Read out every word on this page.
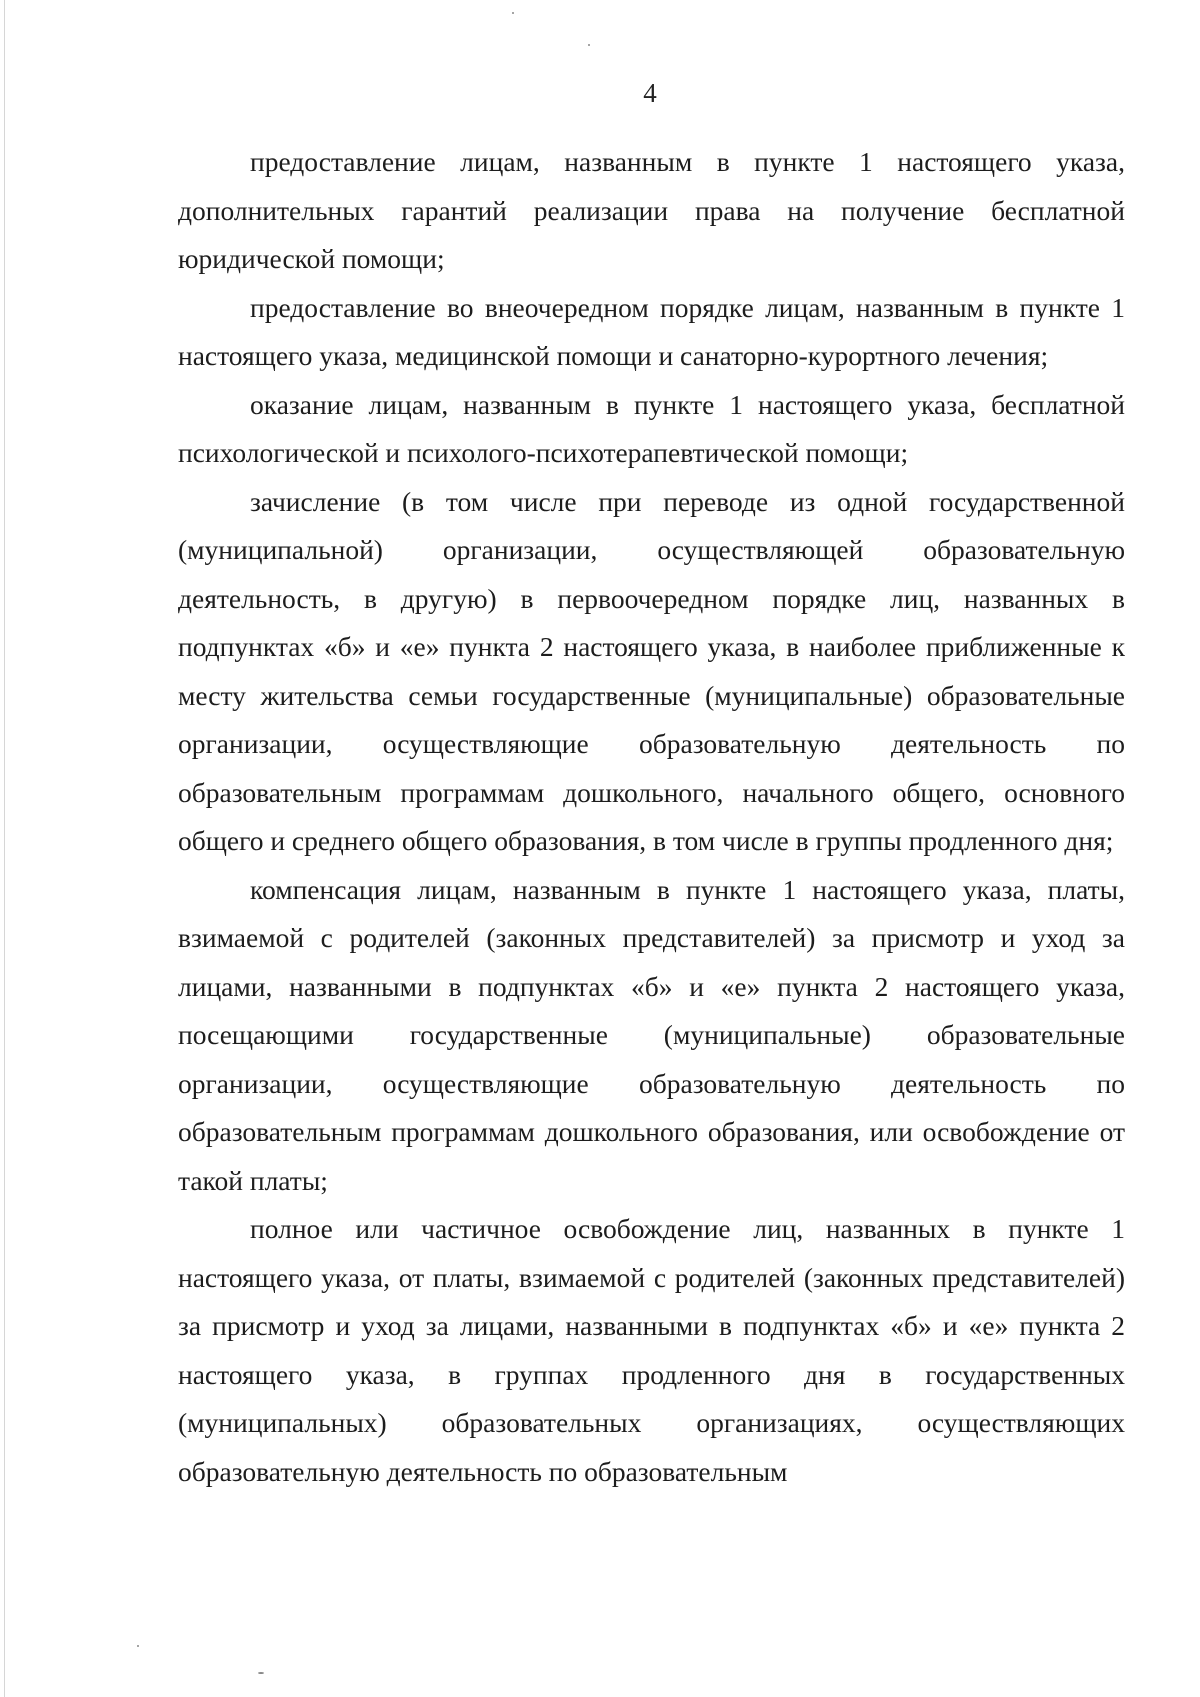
4

предоставление лицам, названным в пункте 1 настоящего указа, дополнительных гарантий реализации права на получение бесплатной юридической помощи;

предоставление во внеочередном порядке лицам, названным в пункте 1 настоящего указа, медицинской помощи и санаторно-курортного лечения;

оказание лицам, названным в пункте 1 настоящего указа, бесплатной психологической и психолого-психотерапевтической помощи;

зачисление (в том числе при переводе из одной государственной (муниципальной) организации, осуществляющей образовательную деятельность, в другую) в первоочередном порядке лиц, названных в подпунктах «б» и «е» пункта 2 настоящего указа, в наиболее приближенные к месту жительства семьи государственные (муниципальные) образовательные организации, осуществляющие образовательную деятельность по образовательным программам дошкольного, начального общего, основного общего и среднего общего образования, в том числе в группы продленного дня;

компенсация лицам, названным в пункте 1 настоящего указа, платы, взимаемой с родителей (законных представителей) за присмотр и уход за лицами, названными в подпунктах «б» и «е» пункта 2 настоящего указа, посещающими государственные (муниципальные) образовательные организации, осуществляющие образовательную деятельность по образовательным программам дошкольного образования, или освобождение от такой платы;

полное или частичное освобождение лиц, названных в пункте 1 настоящего указа, от платы, взимаемой с родителей (законных представителей) за присмотр и уход за лицами, названными в подпунктах «б» и «е» пункта 2 настоящего указа, в группах продленного дня в государственных (муниципальных) образовательных организациях, осуществляющих образовательную деятельность по образовательным
